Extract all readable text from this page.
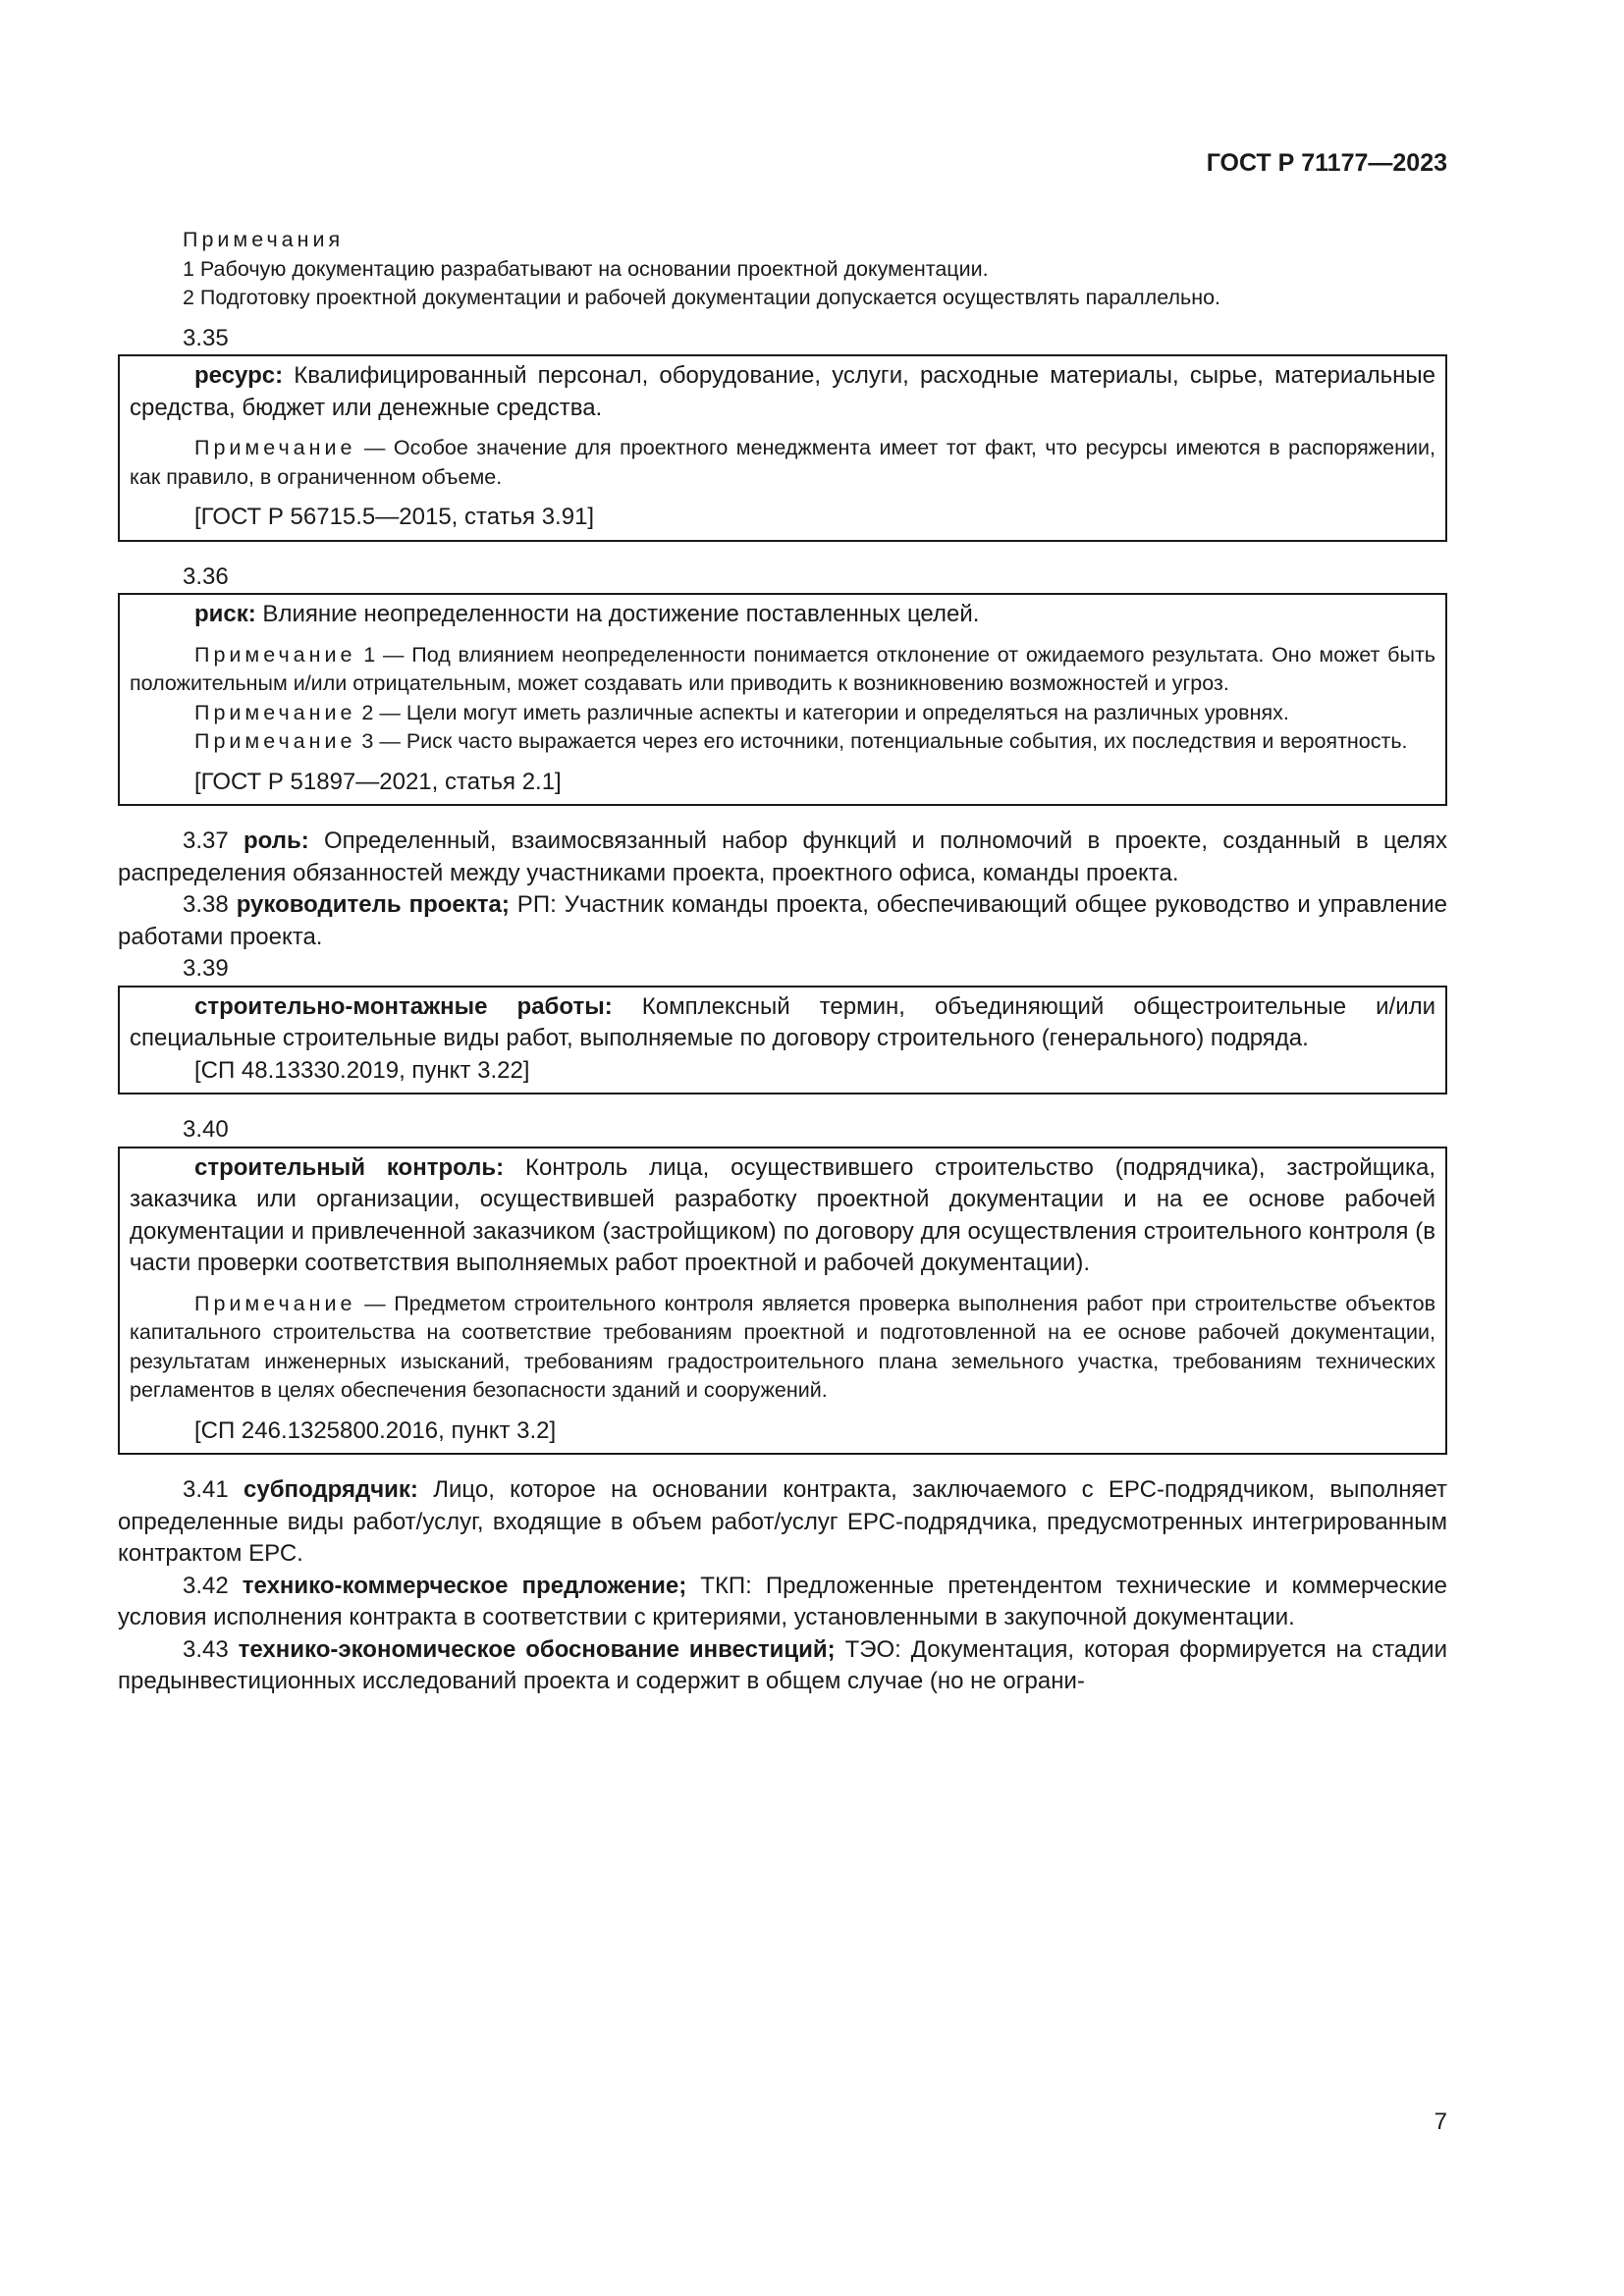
ГОСТ Р 71177—2023
Примечания
1 Рабочую документацию разрабатывают на основании проектной документации.
2 Подготовку проектной документации и рабочей документации допускается осуществлять параллельно.
3.35

ресурс: Квалифицированный персонал, оборудование, услуги, расходные материалы, сырье, материальные средства, бюджет или денежные средства.

Примечание — Особое значение для проектного менеджмента имеет тот факт, что ресурсы имеются в распоряжении, как правило, в ограниченном объеме.

[ГОСТ Р 56715.5—2015, статья 3.91]
3.36

риск: Влияние неопределенности на достижение поставленных целей.

Примечание 1 — Под влиянием неопределенности понимается отклонение от ожидаемого результата. Оно может быть положительным и/или отрицательным, может создавать или приводить к возникновению возможностей и угроз.

Примечание 2 — Цели могут иметь различные аспекты и категории и определяться на различных уровнях.

Примечание 3 — Риск часто выражается через его источники, потенциальные события, их последствия и вероятность.

[ГОСТ Р 51897—2021, статья 2.1]

3.37 роль: Определенный, взаимосвязанный набор функций и полномочий в проекте, созданный в целях распределения обязанностей между участниками проекта, проектного офиса, команды проекта.

3.38 руководитель проекта; РП: Участник команды проекта, обеспечивающий общее руководство и управление работами проекта.

3.39

строительно-монтажные работы: Комплексный термин, объединяющий общестроительные и/или специальные строительные виды работ, выполняемые по договору строительного (генерального) подряда.

[СП 48.13330.2019, пункт 3.22]
3.40

строительный контроль: Контроль лица, осуществившего строительство (подрядчика), застройщика, заказчика или организации, осуществившей разработку проектной документации и на ее основе рабочей документации и привлеченной заказчиком (застройщиком) по договору для осуществления строительного контроля (в части проверки соответствия выполняемых работ проектной и рабочей документации).

Примечание — Предметом строительного контроля является проверка выполнения работ при строительстве объектов капитального строительства на соответствие требованиям проектной и подготовленной на ее основе рабочей документации, результатам инженерных изысканий, требованиям градостроительного плана земельного участка, требованиям технических регламентов в целях обеспечения безопасности зданий и сооружений.

[СП 246.1325800.2016, пункт 3.2]

3.41 субподрядчик: Лицо, которое на основании контракта, заключаемого с ЕРС-подрядчиком, выполняет определенные виды работ/услуг, входящие в объем работ/услуг ЕРС-подрядчика, предусмотренных интегрированным контрактом ЕРС.

3.42 технико-коммерческое предложение; ТКП: Предложенные претендентом технические и коммерческие условия исполнения контракта в соответствии с критериями, установленными в закупочной документации.

3.43 технико-экономическое обоснование инвестиций; ТЭО: Документация, которая формируется на стадии предынвестиционных исследований проекта и содержит в общем случае (но не ограни-

7
